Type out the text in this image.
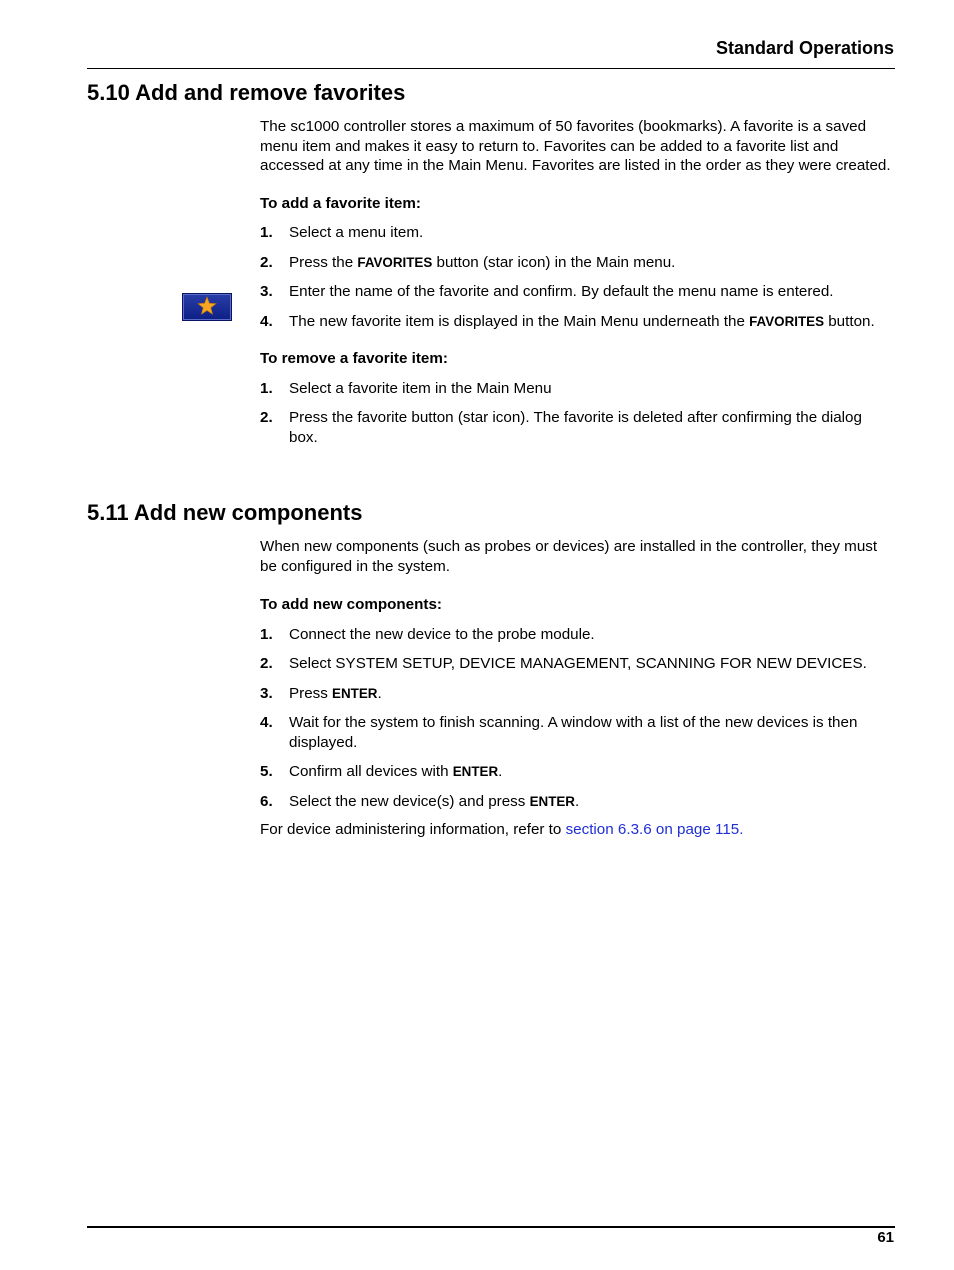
Standard Operations
5.10 Add and remove favorites

The sc1000 controller stores a maximum of 50 favorites (bookmarks). A favorite is a saved menu item and makes it easy to return to. Favorites can be added to a favorite list and accessed at any time in the Main Menu. Favorites are listed in the order as they were created.

To add a favorite item:

1. Select a menu item.

2. Press the FAVORITES button (star icon) in the Main menu.

3. Enter the name of the favorite and confirm. By default the menu name is entered.

4. The new favorite item is displayed in the Main Menu underneath the FAVORITES button.

To remove a favorite item:

1. Select a favorite item in the Main Menu

2. Press the favorite button (star icon). The favorite is deleted after confirming the dialog box.

5.11 Add new components

When new components (such as probes or devices) are installed in the controller, they must be configured in the system.

To add new components:

1. Connect the new device to the probe module.

2. Select SYSTEM SETUP, DEVICE MANAGEMENT, SCANNING FOR NEW DEVICES.

3. Press ENTER.

4. Wait for the system to finish scanning. A window with a list of the new devices is then displayed.

5. Confirm all devices with ENTER.

6. Select the new device(s) and press ENTER.

For device administering information, refer to section 6.3.6 on page 115.

61
